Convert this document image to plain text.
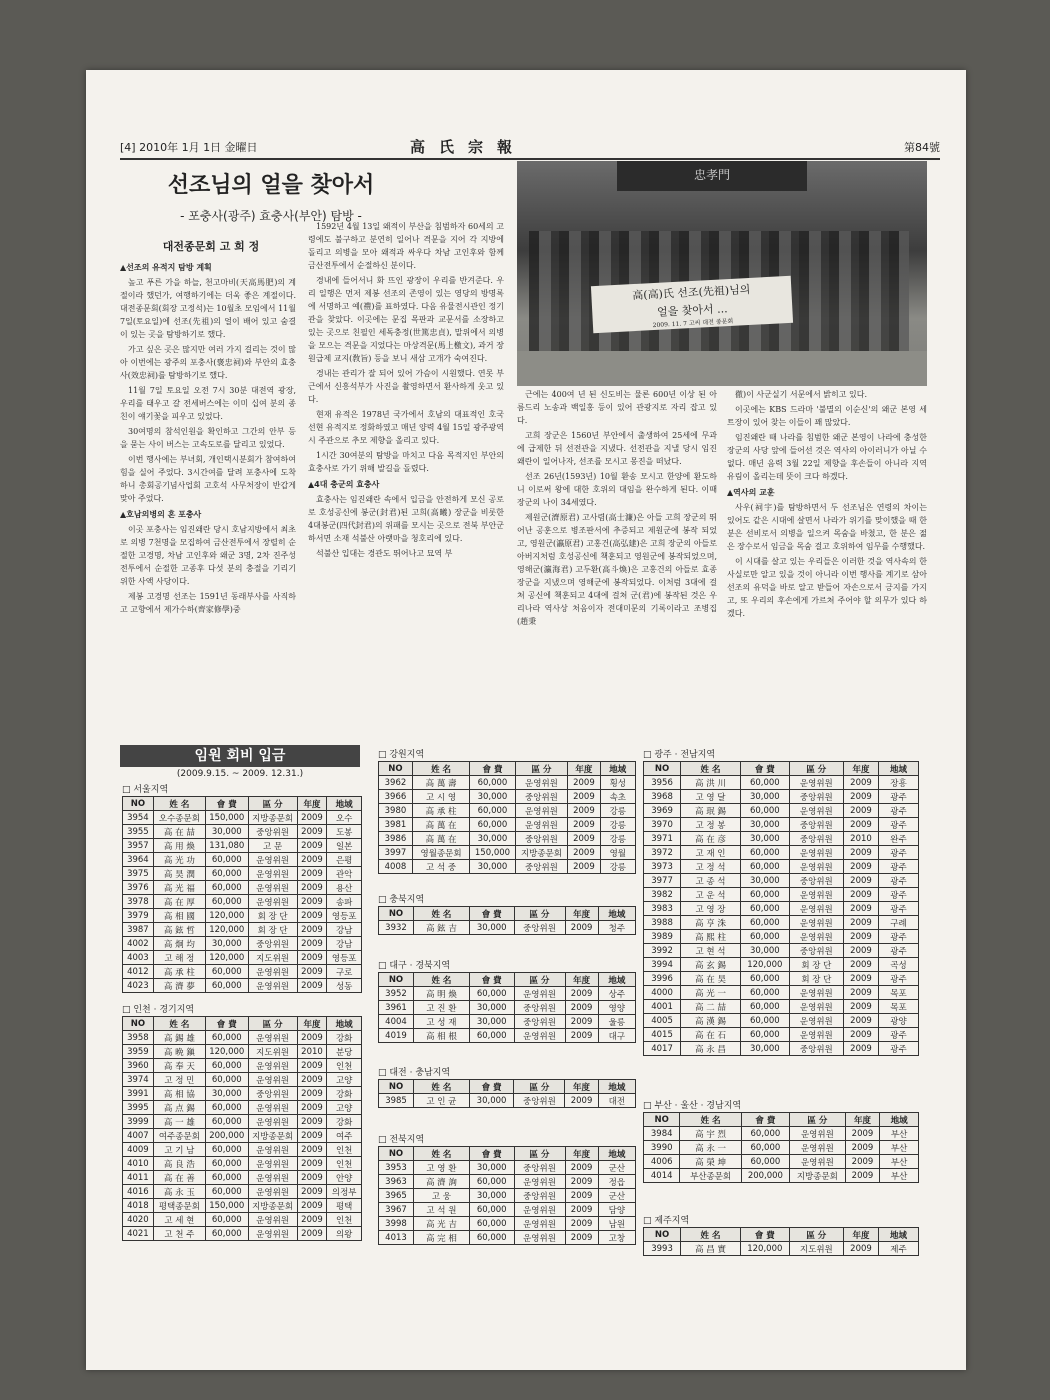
[4] 2010年 1月 1日 金曜日	高氏宗報	第84號
선조님의 얼을 찾아서
- 포충사(광주) 효충사(부안) 탐방 -
대전종문회 고 희 정
▲선조의 유적지 탐방 계획

높고 푸른 가을 하늘, 천고마비(天高馬肥)의 계절이라 했던가, 여행하기에는 더욱 좋은 계절이다. 대전종문회(회장 고정석)는 10월초 모임에서 11월 7일(토요일)에 선조(先祖)의 얼이 배어 있고 숨결이 있는 곳을 탐방하기로 했다.

가고 싶은 곳은 많지만 여러 가지 걸리는 것이 많아 이번에는 광주의 포충사(褒忠祠)와 부안의 효충사(效忠祠)를 탐방하기로 했다.

11월 7일 토요일 오전 7시 30분 대전역 광장, 우리를 태우고 갈 전세버스에는 이미 십여 분의 종친이 얘기꽃을 피우고 있었다.

30여명의 참석인원을 확인하고 그간의 안부 등을 묻는 사이 버스는 고속도로를 달리고 있었다.

이번 행사에는 부녀회, 개인택시분회가 참여하여 힘을 실어 주었다. 3시간여를 달려 포충사에 도착하니 총회공기념사업회 고호석 사무처장이 반갑게 맞아 주었다.

▲호남의병의 혼 포충사

이곳 포충사는 임진왜란 당시 호남지방에서 최초로 의병 7천명을 모집하여 금산전투에서 장렬히 순절한 고경명, 차남 고인후와 왜군 3명, 2차 진주성 전투에서 순절한 고종후 다섯 분의 충절을 기리기 위한 사액 사당이다.

제봉 고경명 선조는 1591년 동래부사를 사직하고 고향에서 제가수하(齊家修學)중

1592년 4월 13일 왜적이 부산을 침범하자 60세의 고령에도 불구하고 분연히 일어나 격문을 지어 각 지방에 돌리고 의병을 모아 왜적과 싸우다 차남 고인후와 함께 금산전투에서 순절하신 분이다.

경내에 들어서니 화 뜨인 광장이 우리를 반겨준다. 우리 일행은 먼저 제봉 선조의 존영이 있는 영당의 방명록에 서명하고 예(禮)를 표하였다. 다음 유물전시관인 정기관을 찾았다. 이곳에는 문집 목판과 교문서를 소장하고 있는 곳으로 친필인 세독충정(世篤忠貞), 말위에서 의병을 모으는 격문을 지었다는 마상격문(馬上檄文), 과거 장원급제 교지(敎旨) 등을 보니 새삼 고개가 숙여진다.

경내는 관리가 잘 되어 있어 가슴이 시원했다. 연못 부근에서 신흥석부가 사진을 촬영하면서 환사하게 웃고 있다.

현재 유적은 1978년 국가에서 호남의 대표적인 호국선현 유적지로 정화하였고 매년 양력 4월 15일 광주광역시 주관으로 추모 제향을 올리고 있다.

1시간 30여분의 탐방을 마치고 다음 목적지인 부안의 효충사로 가기 위해 발길을 돌렸다.

▲4대 충군의 효충사

효충사는 임진왜란 속에서 입금을 안전하게 모신 공로로 호성공신에 봉군(封君)된 고희(高曦) 장군을 비롯한 4대봉군(四代封君)의 위패를 모시는 곳으로 전북 부안군 하서면 소재 석불산 아랫마을 청호리에 있다.

석불산 입대는 경관도 뛰어나고 묘역 부

근에는 400여 년 된 신도비는 물론 600년 이상 된 아름드리 노송과 백일홍 등이 있어 관광지로 자리 잡고 있다.

고희 장군은 1560년 부안에서 출생하여 25세에 무과에 급제한 뒤 선전관을 지냈다. 선전관을 지낼 당시 임진왜란이 일어나자, 선조를 모시고 몽진을 떠났다.

선조 26년(1593년) 10월 환송 모시고 한양에 환도하니 이로써 왕에 대한 호위의 대임을 완수하게 된다. 이때 장군의 나이 34세였다.

제원군(濟原君) 고사렴(高士濂)은 아들 고희 장군의 뛰어난 공훈으로 병조판서에 추증되고 제원군에 봉작 되었고, 영원군(瀛原君) 고홍건(高弘建)은 고희 장군의 아들로 아버지처럼 호성공신에 책훈되고 영원군에 봉작되었으며, 영해군(瀛海君) 고두환(高斗煥)은 고홍건의 아들로 효종장군을 지냈으며 영해군에 봉작되었다. 이처럼 3대에 걸쳐 공신에 책훈되고 4대에 걸쳐 군(君)에 봉작된 것은 우리나라 역사상 처음이자 전대미문의 기록이라고 조병집(趙秉

徹)이 사군실기 서문에서 밝히고 있다.

이곳에는 KBS 드라마 '불멸의 이순신'의 왜군 본영 세트장이 있어 찾는 이들이 꽤 많았다.

임진왜란 때 나라를 침범한 왜군 본영이 나라에 충성한 장군의 사당 앞에 들어선 것은 역사의 아이러니가 아닐 수 없다. 매년 음력 3월 22일 제향을 후손들이 아니라 지역 유림이 올리는데 뜻이 크다 하겠다.

▲역사의 교훈

사우(祠宇)를 탐방하면서 두 선조님은 연령의 차이는 있어도 같은 시대에 살면서 나라가 위기를 맞이했을 때 한 분은 선비로서 의병을 일으켜 목숨을 바쳤고, 한 분은 젊은 장수로서 임금을 목숨 걸고 호위하여 임무를 수행했다.

이 시대를 살고 있는 우리들은 이러한 것을 역사속의 한 사실로만 알고 있을 것이 아니라 이번 행사를 계기로 삼아 선조의 유덕을 바로 알고 받들어 자손으로서 긍지를 가지고, 또 우리의 후손에게 가르쳐 주어야 할 의무가 있다 하겠다.

忠孝門
高(高)氏 선조(先祖)님의
얼을 찾아서 ...
2009. 11. 7 고씨 대전 종문회
임원 회비 입금
(2009.9.15. ~ 2009. 12.31.)
□ 서울지역
NO	姓 名	會 費	區 分	年度	地域
3954	오수종문회	150,000	지방종문회	2009	오수
3955	高 在 喆	30,000	중앙위원	2009	도봉
3957	高 用 煥	131,080	고 문	2009	일본
3964	高 光 功	60,000	운영위원	2009	은평
3975	高 昊 潤	60,000	운영위원	2009	관악
3976	高 光 福	60,000	운영위원	2009	용산
3978	高 在 厚	60,000	운영위원	2009	송파
3979	高 相 國	120,000	회 장 단	2009	영등포
3987	高 鉉 哲	120,000	회 장 단	2009	강남
4002	高 炯 均	30,000	중앙위원	2009	강남
4003	고 해 정	120,000	지도위원	2009	영등포
4012	高 承 柱	60,000	운영위원	2009	구로
4023	高 濟 夢	60,000	운영위원	2009	성동
□ 인천 · 경기지역
NO	姓 名	會 費	區 分	年度	地域
3958	高 錫 雄	60,000	운영위원	2009	강화
3959	高 晩 鎭	120,000	지도위원	2010	분당
3960	高 奉 天	60,000	운영위원	2009	인천
3974	고 정 민	60,000	운영위원	2009	고양
3991	高 相 協	30,000	중앙위원	2009	강화
3995	高 点 錫	60,000	운영위원	2009	고양
3999	高 一 雄	60,000	운영위원	2009	강화
4007	여주종문회	200,000	지방종문회	2009	여주
4009	고 기 남	60,000	운영위원	2009	인천
4010	高 良 浩	60,000	운영위원	2009	인천
4011	高 在 善	60,000	운영위원	2009	안양
4016	高 永 玉	60,000	운영위원	2009	의정부
4018	평택종문회	150,000	지방종문회	2009	평택
4020	고 세 현	60,000	운영위원	2009	인천
4021	고 천 주	60,000	운영위원	2009	의왕
□ 강원지역
NO	姓 名	會 費	區 分	年度	地域
3962	高 萬 壽	60,000	운영위원	2009	횡성
3966	고 시 영	30,000	중앙위원	2009	속초
3980	高 承 柱	60,000	운영위원	2009	강릉
3981	高 萬 在	60,000	운영위원	2009	강릉
3986	高 萬 在	30,000	중앙위원	2009	강릉
3997	영월종문회	150,000	지방종문회	2009	영월
4008	고 석 중	30,000	중앙위원	2009	강릉
□ 충북지역
NO	姓 名	會 費	區 分	年度	地域
3932	高 鉉 吉	30,000	중앙위원	2009	청주
□ 대구 · 경북지역
NO	姓 名	會 費	區 分	年度	地域
3952	高 明 煥	60,000	운영위원	2009	상주
3961	고 진 환	30,000	중앙위원	2009	영양
4004	고 성 재	30,000	중앙위원	2009	울릉
4019	高 相 根	60,000	운영위원	2009	대구
□ 대전 · 충남지역
NO	姓 名	會 費	區 分	年度	地域
3985	고 인 균	30,000	중앙위원	2009	대전
□ 전북지역
NO	姓 名	會 費	區 分	年度	地域
3953	고 영 환	30,000	중앙위원	2009	군산
3963	高 濟 詢	60,000	운영위원	2009	정읍
3965	고 웅	30,000	중앙위원	2009	군산
3967	고 석 원	60,000	운영위원	2009	담양
3998	高 光 吉	60,000	운영위원	2009	남원
4013	高 完 相	60,000	운영위원	2009	고창
□ 광주 · 전남지역
NO	姓 名	會 費	區 分	年度	地域
3956	高 洪 川	60,000	운영위원	2009	장흥
3968	고 영 달	30,000	중앙위원	2009	광주
3969	高 珉 錫	60,000	운영위원	2009	광주
3970	고 정 봉	30,000	중앙위원	2009	광주
3971	高 在 彦	30,000	중앙위원	2010	완주
3972	고 재 인	60,000	운영위원	2009	광주
3973	고 정 석	60,000	운영위원	2009	광주
3977	고 종 석	30,000	중앙위원	2009	광주
3982	고 운 석	60,000	운영위원	2009	광주
3983	고 영 장	60,000	운영위원	2009	광주
3988	高 亨 洙	60,000	운영위원	2009	구례
3989	高 熙 柱	60,000	운영위원	2009	광주
3992	고 현 석	30,000	중앙위원	2009	광주
3994	高 玄 錫	120,000	회 장 단	2009	곡성
3996	高 在 昊	60,000	회 장 단	2009	광주
4000	高 光 一	60,000	운영위원	2009	목포
4001	高 二 喆	60,000	운영위원	2009	목포
4005	高 漢 錫	60,000	운영위원	2009	광양
4015	高 在 石	60,000	운영위원	2009	광주
4017	高 永 昌	30,000	중앙위원	2009	광주
□ 부산 · 울산 · 경남지역
NO	姓 名	會 費	區 分	年度	地域
3984	高 宇 烈	60,000	운영위원	2009	부산
3990	高 永 一	60,000	운영위원	2009	부산
4006	高 榮 坤	60,000	운영위원	2009	부산
4014	부산종문회	200,000	지방종문회	2009	부산
□ 제주지역
NO	姓 名	會 費	區 分	年度	地域
3993	高 昌 實	120,000	지도위원	2009	제주
